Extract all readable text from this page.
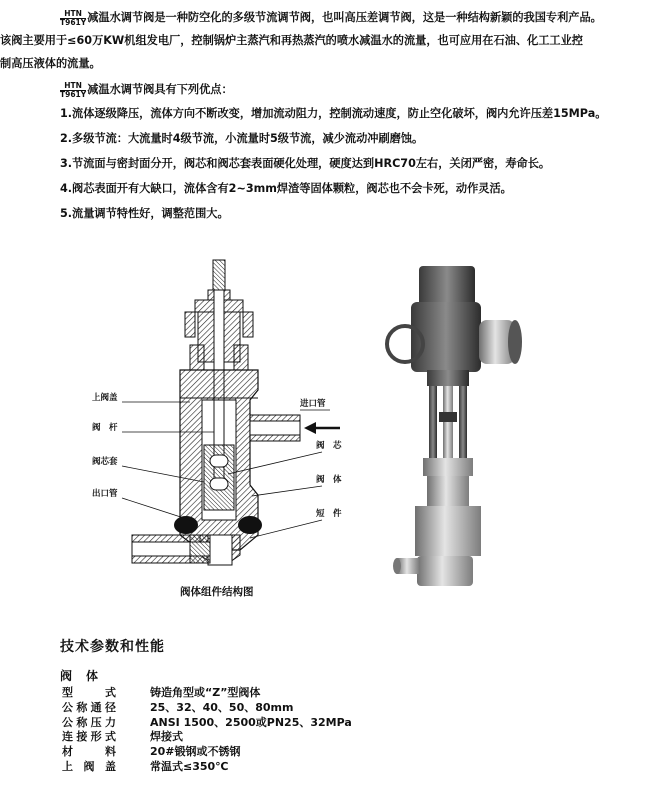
HTN
T961Y 减温水调节阀是一种防空化的多级节流调节阀，也叫高压差调节阀，这是一种结构新颖的我国专利产品。
该阀主要用于≤60万KW机组发电厂，控制锅炉主蒸汽和再热蒸汽的喷水减温水的流量，也可应用在石油、化工工业控制高压液体的流量。
HTN
T961Y 减温水调节阀具有下列优点：
1.流体逐级降压，流体方向不断改变，增加流动阻力，控制流动速度，防止空化破坏，阀内允许压差15MPa。
2.多级节流：大流量时4级节流，小流量时5级节流，减少流动冲刷磨蚀。
3.节流面与密封面分开，阀芯和阀芯套表面硬化处理，硬度达到HRC70左右，关闭严密，寿命长。
4.阀芯表面开有大缺口，流体含有2~3mm焊渣等固体颗粒，阀芯也不会卡死，动作灵活。
5.流量调节特性好，调整范围大。
上阀盖
阀　杆
阀芯套
出口管
进口管
阀　芯
阀　体
短　件
阀体组件结构图
技术参数和性能
阀体
型式	铸造角型或“Z”型阀体
公称通径	25、32、40、50、80mm
公称压力	ANSI 1500、2500或PN25、32MPa
连接形式	焊接式
材料	20#锻钢或不锈钢
上阀盖	常温式≤350℃
